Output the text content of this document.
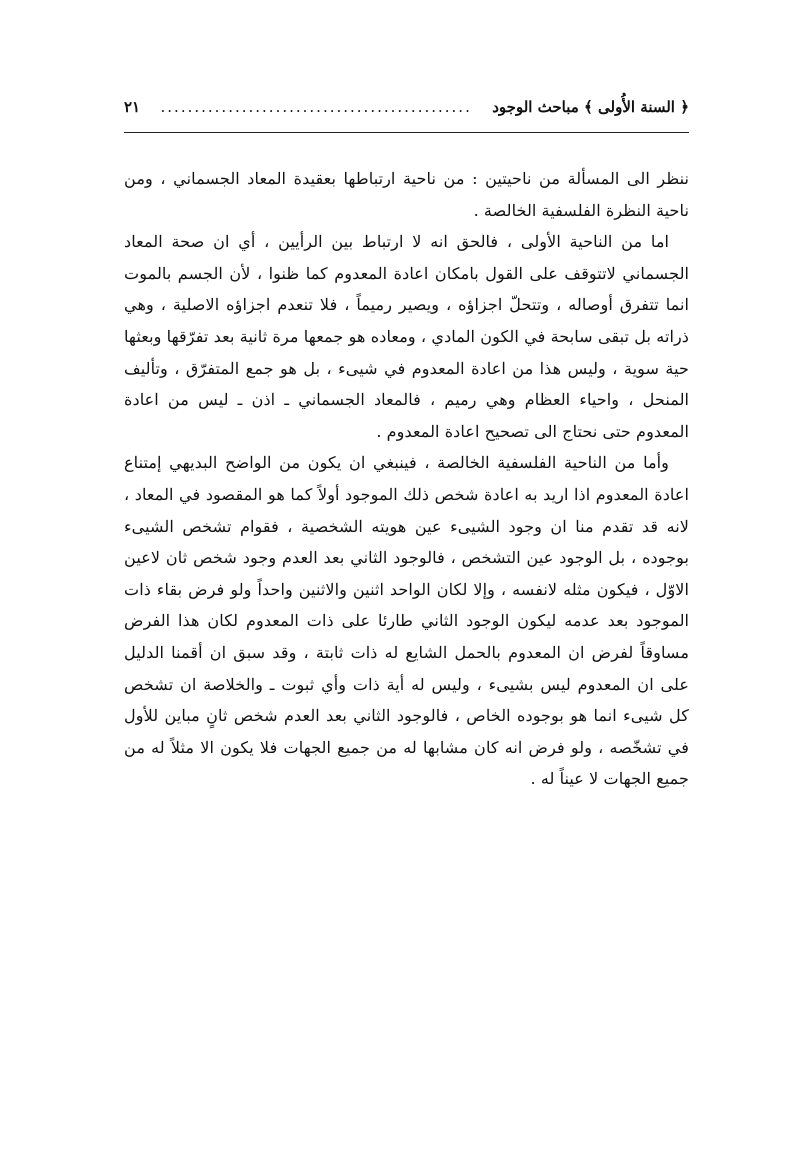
﴿ السنة الأُولى ﴾ مباحث الوجود
..............................................
٢١

ننظر الى المسألة من ناحيتين : من ناحية ارتباطها بعقيدة المعاد الجسماني ، ومن ناحية النظرة الفلسفية الخالصة .

اما من الناحية الأولى ، فالحق انه لا ارتباط بين الرأيين ، أي ان صحة المعاد الجسماني لاتتوقف على القول بامكان اعادة المعدوم كما ظنوا ، لأن الجسم بالموت انما تتفرق أوصاله ، وتتحلّ اجزاؤه ، ويصير رميماً ، فلا تنعدم اجزاؤه الاصلية ، وهي ذراته بل تبقى سابحة في الكون المادي ، ومعاده هو جمعها مرة ثانية بعد تفرّقها وبعثها حية سوية ، وليس هذا من اعادة المعدوم في شيىء ، بل هو جمع المتفرّق ، وتأليف المنحل ، واحياء العظام وهي رميم ، فالمعاد الجسماني ـ اذن ـ ليس من اعادة المعدوم حتى نحتاج الى تصحيح اعادة المعدوم .

وأما من الناحية الفلسفية الخالصة ، فينبغي ان يكون من الواضح البديهي إمتناع اعادة المعدوم اذا اريد به اعادة شخص ذلك الموجود أولاً كما هو المقصود في المعاد ، لانه قد تقدم منا ان وجود الشيىء عين هويته الشخصية ، فقوام تشخص الشيىء بوجوده ، بل الوجود عين التشخص ، فالوجود الثاني بعد العدم وجود شخص ثان لاعين الاوّل ، فيكون مثله لانفسه ، وإلا لكان الواحد اثنين والاثنين واحداً ولو فرض بقاء ذات الموجود بعد عدمه ليكون الوجود الثاني طارئا على ذات المعدوم لكان هذا الفرض مساوقاً لفرض ان المعدوم بالحمل الشايع له ذات ثابتة ، وقد سبق ان أقمنا الدليل على ان المعدوم ليس بشيىء ، وليس له أية ذات وأي ثبوت ـ والخلاصة ان تشخص كل شيىء انما هو بوجوده الخاص ، فالوجود الثاني بعد العدم شخص ثانٍ مباين للأول في تشخّصه ، ولو فرض انه كان مشابها له من جميع الجهات فلا يكون الا مثلاً له من جميع الجهات لا عيناً له .
